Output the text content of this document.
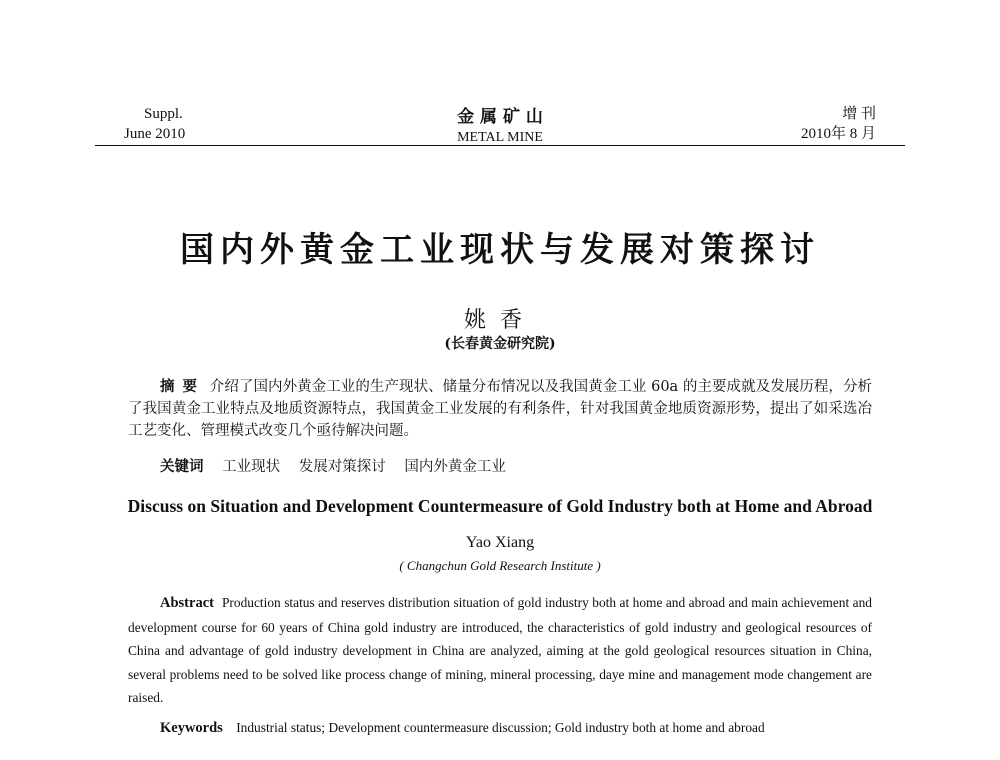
Suppl.
June 2010
金 属 矿 山
METAL MINE
增 刊
2010年 8 月
国内外黄金工业现状与发展对策探讨
姚香
(长春黄金研究院)
摘要 介绍了国内外黄金工业的生产现状、储量分布情况以及我国黄金工业 60a 的主要成就及发展历程，分析了我国黄金工业特点及地质资源特点，我国黄金工业发展的有利条件，针对我国黄金地质资源形势，提出了如采选冶工艺变化、管理模式改变几个亟待解决问题。
关键词 工业现状 发展对策探讨 国内外黄金工业
Discuss on Situation and Development Countermeasure of Gold Industry both at Home and Abroad
Yao Xiang
( Changchun Gold Research Institute )
Abstract Production status and reserves distribution situation of gold industry both at home and abroad and main achievement and development course for 60 years of China gold industry are introduced, the characteristics of gold industry and geological resources of China and advantage of gold industry development in China are analyzed, aiming at the gold geological resources situation in China, several problems need to be solved like process change of mining, mineral processing, daye mine and management mode changement are raised.
Keywords Industrial status; Development countermeasure discussion; Gold industry both at home and abroad
